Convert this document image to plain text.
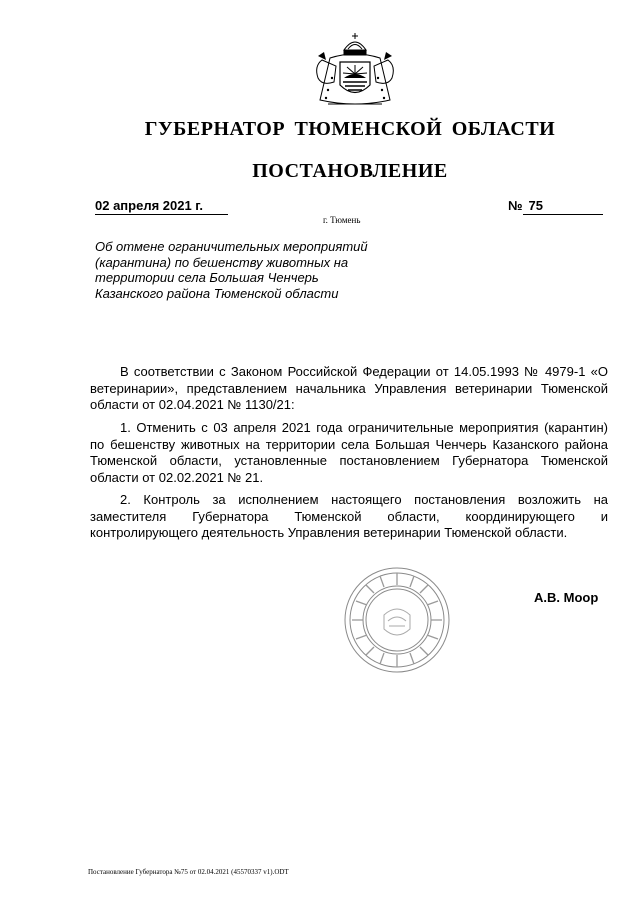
ГУБЕРНАТОР ТЮМЕНСКОЙ ОБЛАСТИ
ПОСТАНОВЛЕНИЕ
02 апреля 2021 г.	№ 75
г. Тюмень
Об отмене ограничительных мероприятий (карантина) по бешенству животных на территории села Большая Ченчерь Казанского района Тюменской области
В соответствии с Законом Российской Федерации от 14.05.1993 № 4979-1 «О ветеринарии», представлением начальника Управления ветеринарии Тюменской области от 02.04.2021 № 1130/21:
1. Отменить с 03 апреля 2021 года ограничительные мероприятия (карантин) по бешенству животных на территории села Большая Ченчерь Казанского района Тюменской области, установленные постановлением Губернатора Тюменской области от 02.02.2021 № 21.
2. Контроль за исполнением настоящего постановления возложить на заместителя Губернатора Тюменской области, координирующего и контролирующего деятельность Управления ветеринарии Тюменской области.
А.В. Моор
Постановление Губернатора №75 от 02.04.2021 (45570337 v1).ODT
